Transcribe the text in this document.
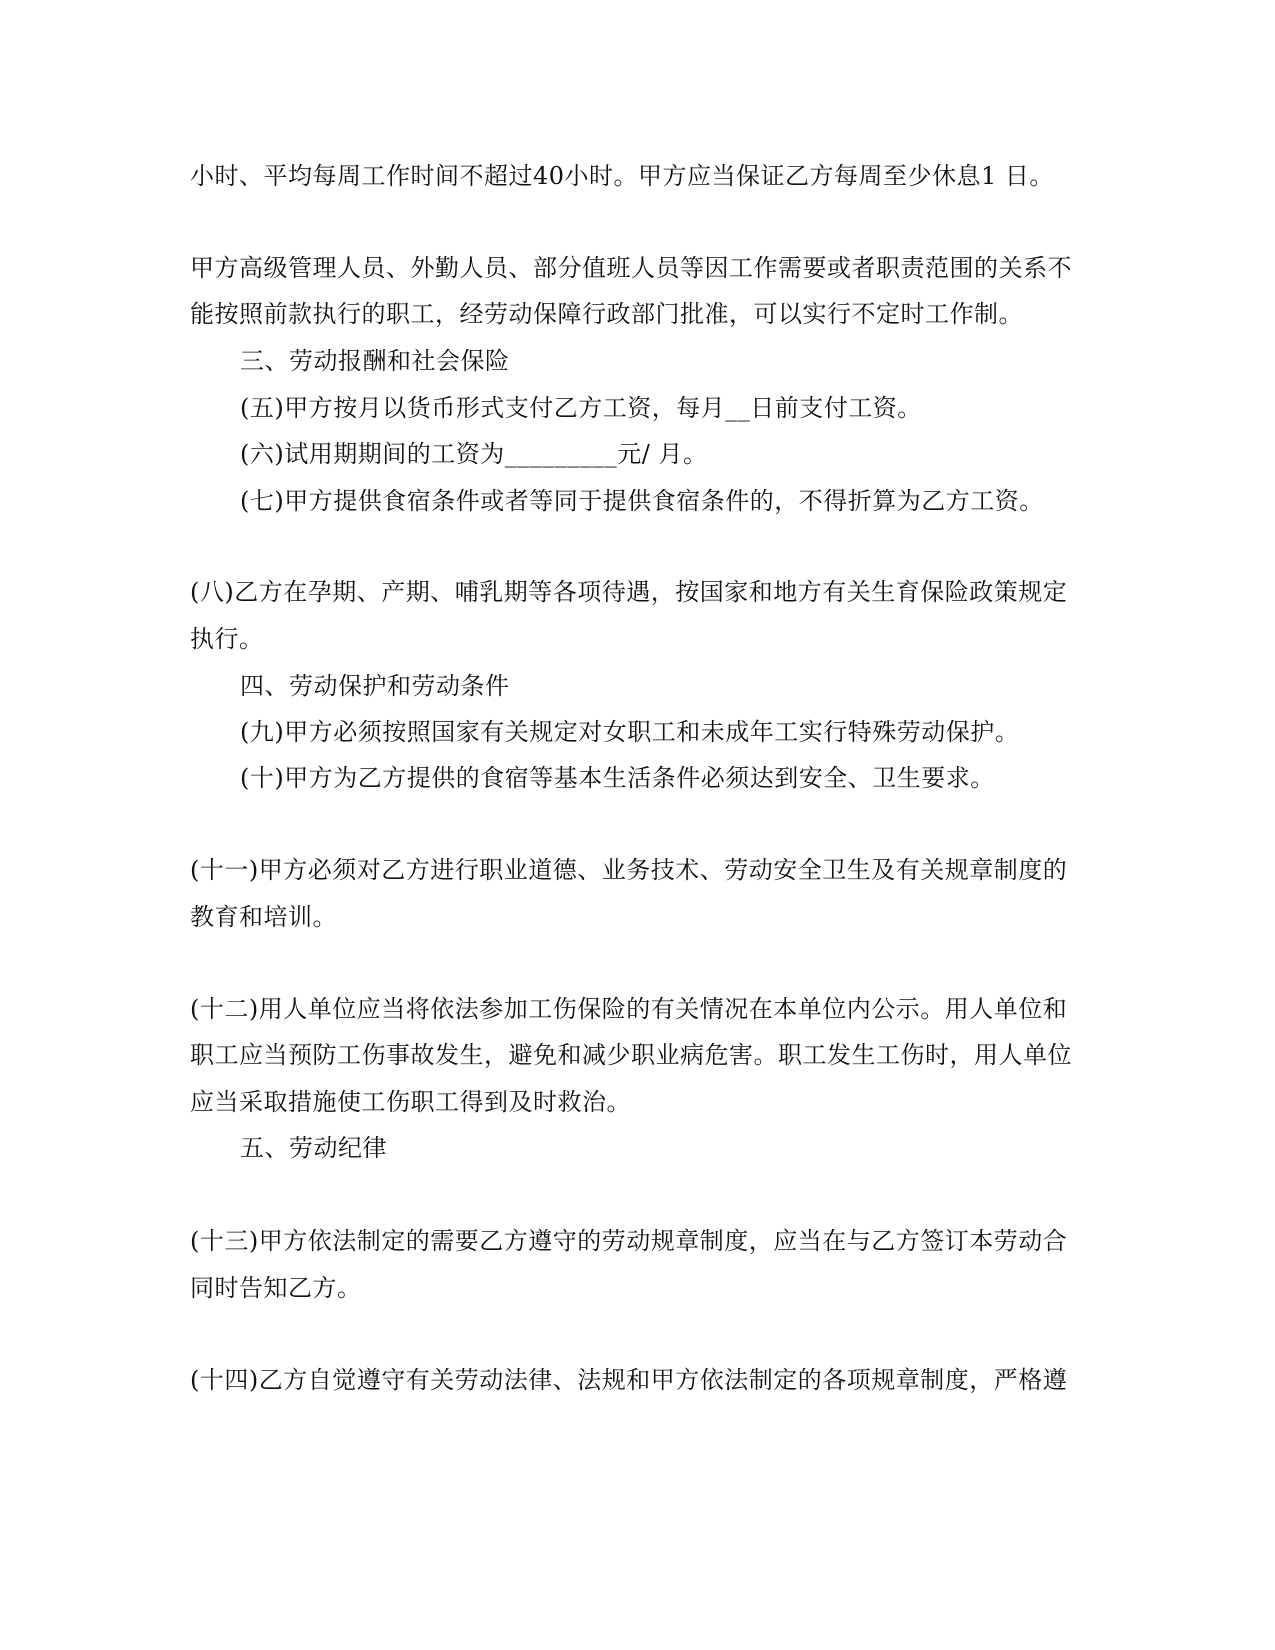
小时、平均每周工作时间不超过40小时。甲方应当保证乙方每周至少休息1 日。
甲方高级管理人员、外勤人员、部分值班人员等因工作需要或者职责范围的关系不
能按照前款执行的职工，经劳动保障行政部门批准，可以实行不定时工作制。
三、劳动报酬和社会保险
(五)甲方按月以货币形式支付乙方工资，每月__日前支付工资。
(六)试用期期间的工资为_________元/ 月。
(七)甲方提供食宿条件或者等同于提供食宿条件的，不得折算为乙方工资。
(八)乙方在孕期、产期、哺乳期等各项待遇，按国家和地方有关生育保险政策规定
执行。
四、劳动保护和劳动条件
(九)甲方必须按照国家有关规定对女职工和未成年工实行特殊劳动保护。
(十)甲方为乙方提供的食宿等基本生活条件必须达到安全、卫生要求。
(十一)甲方必须对乙方进行职业道德、业务技术、劳动安全卫生及有关规章制度的
教育和培训。
(十二)用人单位应当将依法参加工伤保险的有关情况在本单位内公示。用人单位和
职工应当预防工伤事故发生，避免和减少职业病危害。职工发生工伤时，用人单位
应当采取措施使工伤职工得到及时救治。
五、劳动纪律
(十三)甲方依法制定的需要乙方遵守的劳动规章制度，应当在与乙方签订本劳动合
同时告知乙方。
(十四)乙方自觉遵守有关劳动法律、法规和甲方依法制定的各项规章制度，严格遵
